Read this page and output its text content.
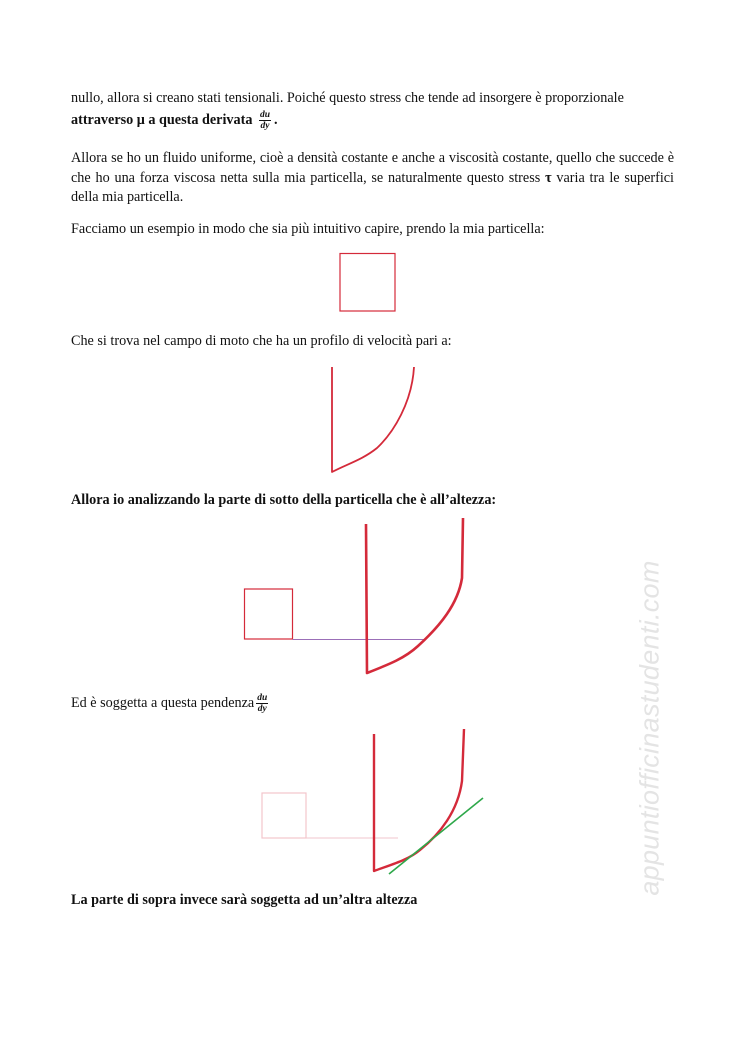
nullo, allora si creano stati tensionali. Poiché questo stress che tende ad insorgere è proporzionale
attraverso μ a questa derivata $\frac{du}{dy}$ .
Allora se ho un fluido uniforme, cioè a densità costante e anche a viscosità costante, quello che succede è che ho una forza viscosa netta sulla mia particella, se naturalmente questo stress τ varia tra le superfici della mia particella.
Facciamo un esempio in modo che sia più intuitivo capire, prendo la mia particella:
Che si trova nel campo di moto che ha un profilo di velocità pari a:
Allora io analizzando la parte di sotto della particella che è all’altezza:
Ed è soggetta a questa pendenza $\frac{du}{dy}$
La parte di sopra invece sarà soggetta ad un’altra altezza
appuntiofficinastudenti.com
